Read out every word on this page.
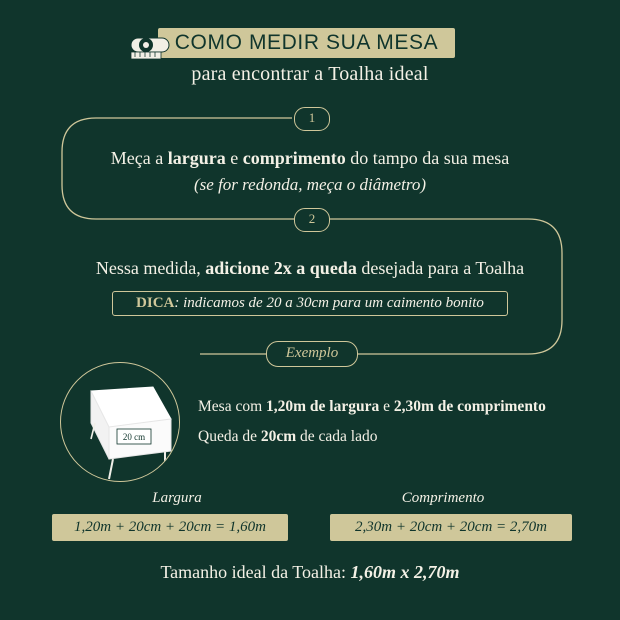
COMO MEDIR SUA MESA
para encontrar a Toalha ideal
1
Meça a largura e comprimento do tampo da sua mesa
(se for redonda, meça o diâmetro)
2
Nessa medida, adicione 2x a queda desejada para a Toalha
DICA: indicamos de 20 a 30cm para um caimento bonito
Exemplo
20 cm
Mesa com 1,20m de largura e 2,30m de comprimento
Queda de 20cm de cada lado
Largura
1,20m + 20cm + 20cm = 1,60m
Comprimento
2,30m + 20cm + 20cm = 2,70m
Tamanho ideal da Toalha: 1,60m x 2,70m
